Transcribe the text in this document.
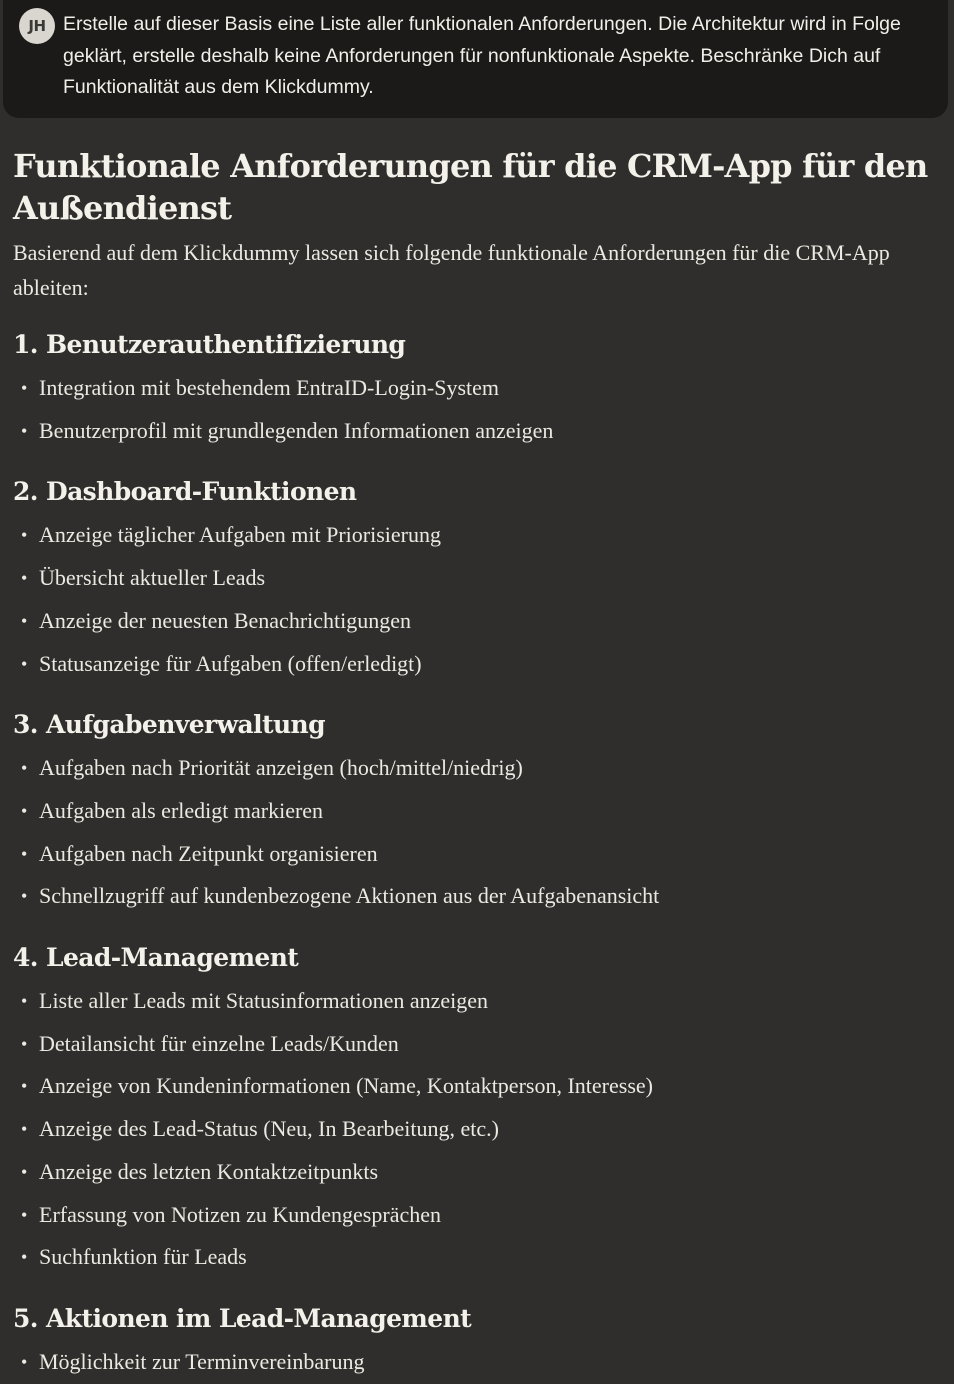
JH Erstelle auf dieser Basis eine Liste aller funktionalen Anforderungen. Die Architektur wird in Folge geklärt, erstelle deshalb keine Anforderungen für nonfunktionale Aspekte. Beschränke Dich auf Funktionalität aus dem Klickdummy.

Funktionale Anforderungen für die CRM-App für den Außendienst

Basierend auf dem Klickdummy lassen sich folgende funktionale Anforderungen für die CRM-App ableiten:

1. Benutzerauthentifizierung
• Integration mit bestehendem EntraID-Login-System
• Benutzerprofil mit grundlegenden Informationen anzeigen
2. Dashboard-Funktionen
• Anzeige täglicher Aufgaben mit Priorisierung
• Übersicht aktueller Leads
• Anzeige der neuesten Benachrichtigungen
• Statusanzeige für Aufgaben (offen/erledigt)
3. Aufgabenverwaltung
• Aufgaben nach Priorität anzeigen (hoch/mittel/niedrig)
• Aufgaben als erledigt markieren
• Aufgaben nach Zeitpunkt organisieren
• Schnellzugriff auf kundenbezogene Aktionen aus der Aufgabenansicht
4. Lead-Management
• Liste aller Leads mit Statusinformationen anzeigen
• Detailansicht für einzelne Leads/Kunden
• Anzeige von Kundeninformationen (Name, Kontaktperson, Interesse)
• Anzeige des Lead-Status (Neu, In Bearbeitung, etc.)
• Anzeige des letzten Kontaktzeitpunkts
• Erfassung von Notizen zu Kundengesprächen
• Suchfunktion für Leads
5. Aktionen im Lead-Management
• Möglichkeit zur Terminvereinbarung
